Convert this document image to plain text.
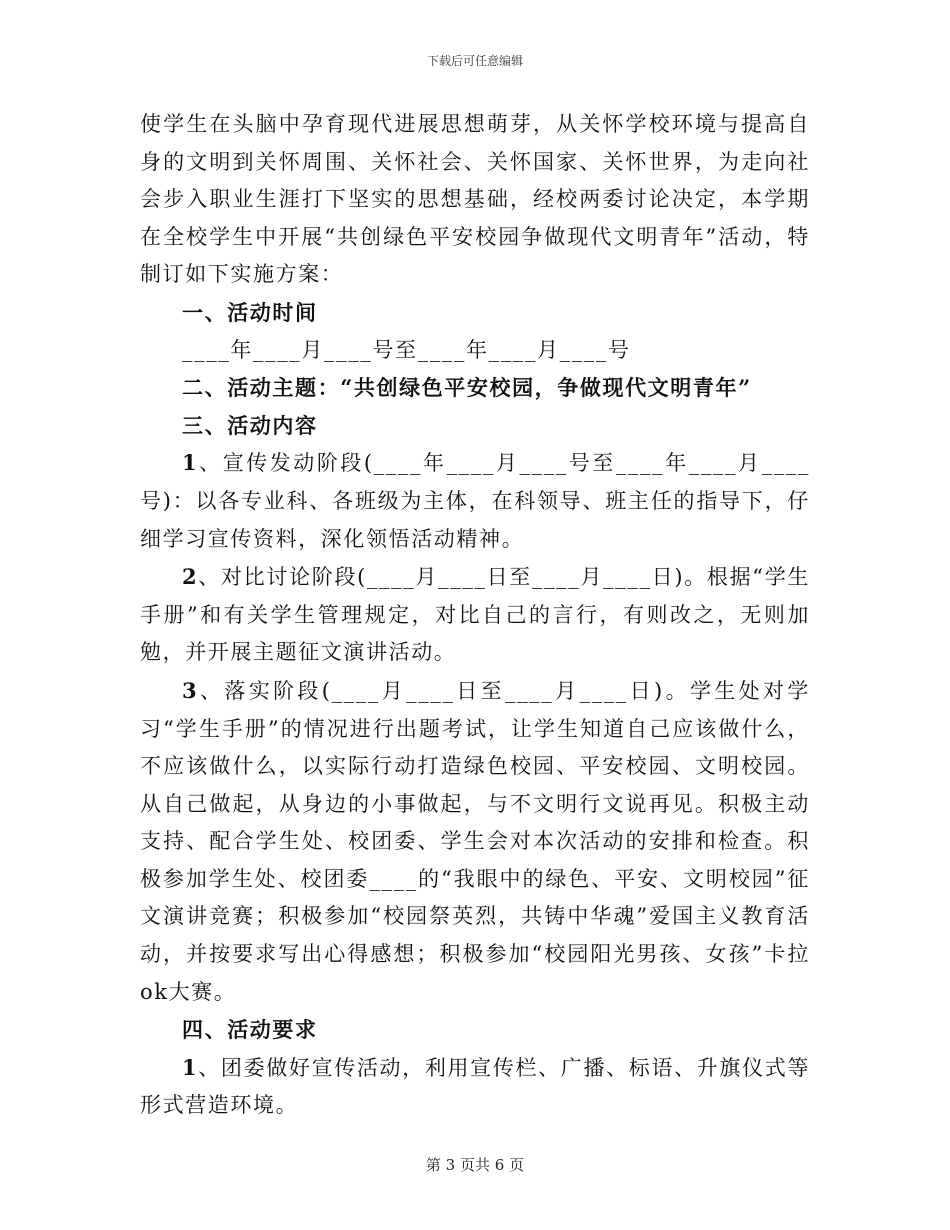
下载后可任意编辑

使学生在头脑中孕育现代进展思想萌芽，从关怀学校环境与提高自身的文明到关怀周围、关怀社会、关怀国家、关怀世界，为走向社会步入职业生涯打下坚实的思想基础，经校两委讨论决定，本学期在全校学生中开展“共创绿色平安校园争做现代文明青年”活动，特制订如下实施方案：

一、活动时间

____年____月____号至____年____月____号

二、活动主题：“共创绿色平安校园，争做现代文明青年”

三、活动内容

1、宣传发动阶段(____年____月____号至____年____月____号)：以各专业科、各班级为主体，在科领导、班主任的指导下，仔细学习宣传资料，深化领悟活动精神。

2、对比讨论阶段(____月____日至____月____日)。根据“学生手册”和有关学生管理规定，对比自己的言行，有则改之，无则加勉，并开展主题征文演讲活动。

3、落实阶段(____月____日至____月____日)。学生处对学习“学生手册”的情况进行出题考试，让学生知道自己应该做什么，不应该做什么，以实际行动打造绿色校园、平安校园、文明校园。从自己做起，从身边的小事做起，与不文明行文说再见。积极主动支持、配合学生处、校团委、学生会对本次活动的安排和检查。积极参加学生处、校团委____的“我眼中的绿色、平安、文明校园”征文演讲竞赛；积极参加“校园祭英烈，共铸中华魂”爱国主义教育活动，并按要求写出心得感想；积极参加“校园阳光男孩、女孩”卡拉ok大赛。

四、活动要求

1、团委做好宣传活动，利用宣传栏、广播、标语、升旗仪式等形式营造环境。

第 3 页共 6 页
